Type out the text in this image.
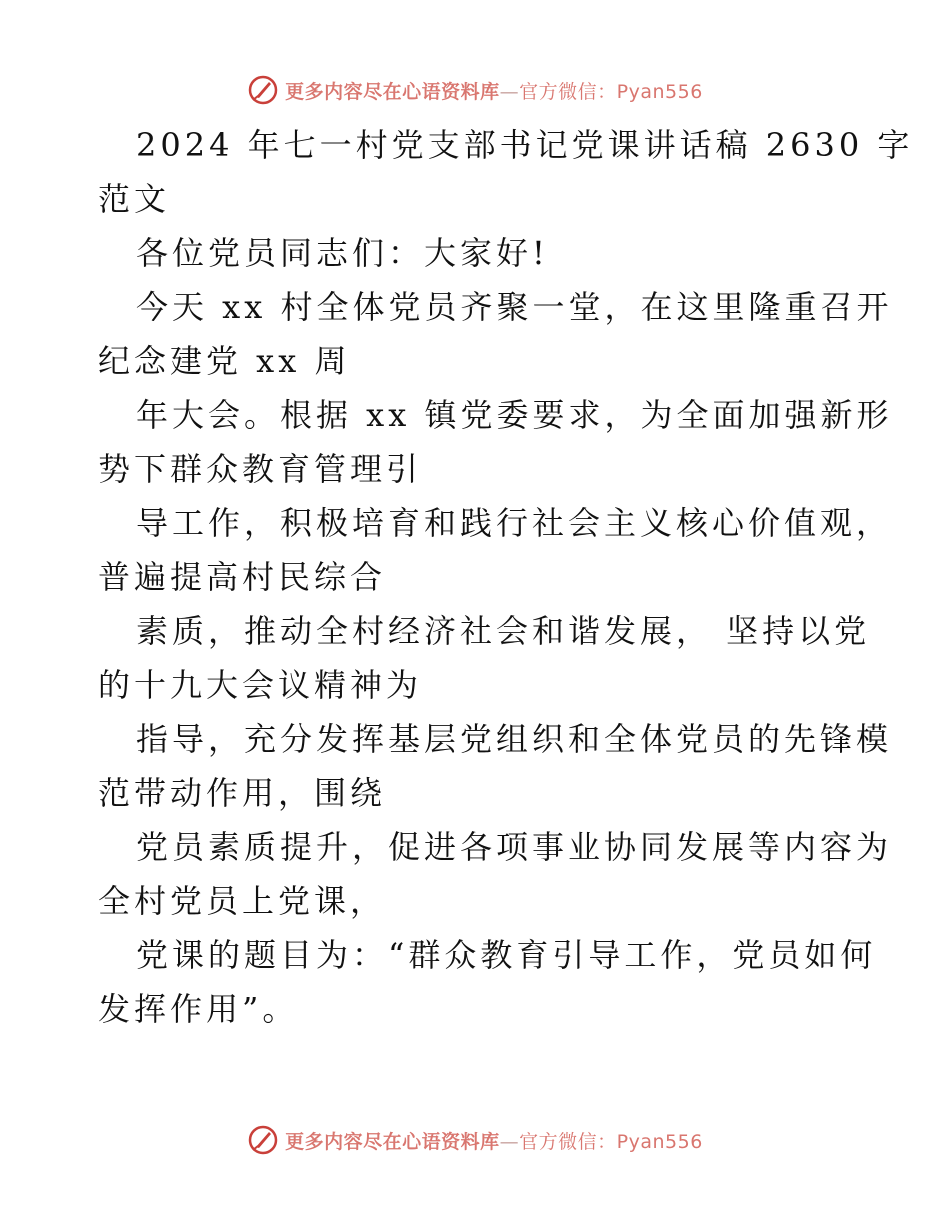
更多内容尽在心语资料库—官方微信：Pyan556
2024 年七一村党支部书记党课讲话稿 2630 字
范文
各位党员同志们：大家好!
今天 xx 村全体党员齐聚一堂，在这里隆重召开
纪念建党 xx 周
年大会。根据 xx 镇党委要求，为全面加强新形
势下群众教育管理引
导工作，积极培育和践行社会主义核心价值观，
普遍提高村民综合
素质，推动全村经济社会和谐发展， 坚持以党
的十九大会议精神为
指导，充分发挥基层党组织和全体党员的先锋模
范带动作用，围绕
党员素质提升，促进各项事业协同发展等内容为
全村党员上党课，
党课的题目为：“群众教育引导工作，党员如何
发挥作用”。
更多内容尽在心语资料库—官方微信：Pyan556
